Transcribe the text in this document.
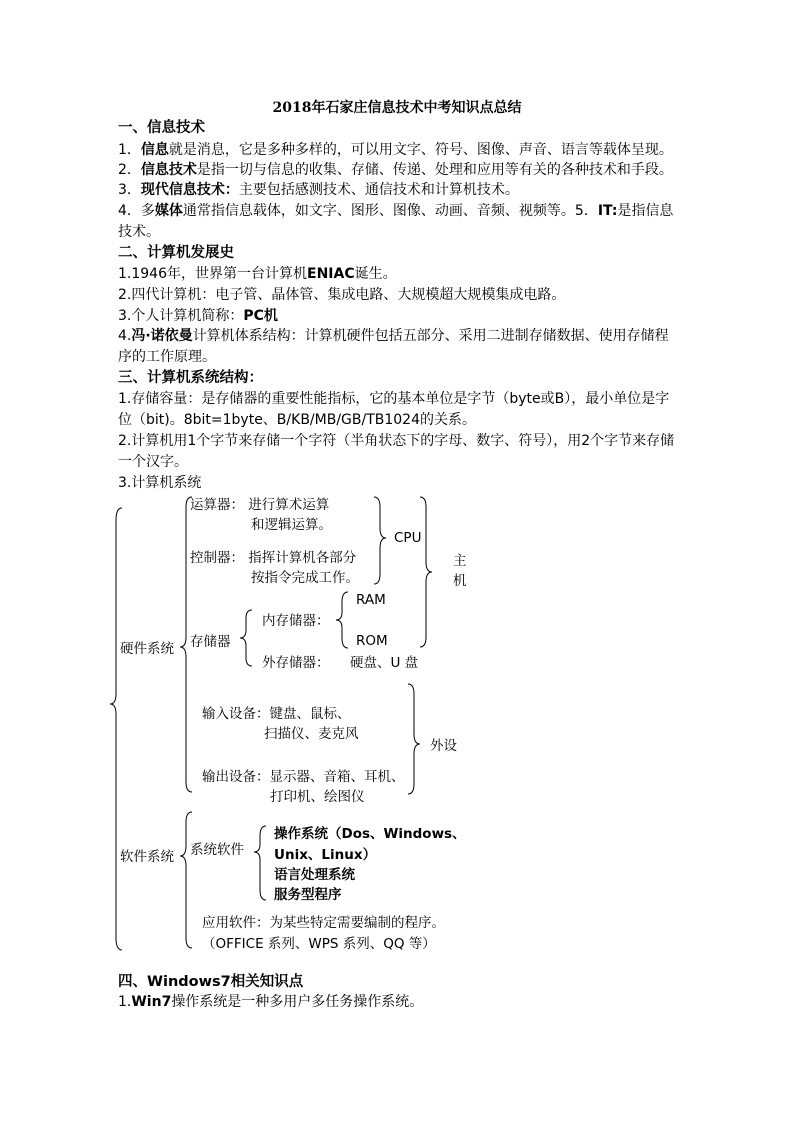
2018年石家庄信息技术中考知识点总结
一、信息技术
1．信息就是消息，它是多种多样的，可以用文字、符号、图像、声音、语言等载体呈现。
2．信息技术是指一切与信息的收集、存储、传递、处理和应用等有关的各种技术和手段。
3．现代信息技术：主要包括感测技术、通信技术和计算机技术。
4．多媒体通常指信息载体，如文字、图形、图像、动画、音频、视频等。5．IT:是指信息技术。
二、计算机发展史
1.1946年，世界第一台计算机ENIAC诞生。
2.四代计算机：电子管、晶体管、集成电路、大规模超大规模集成电路。
3.个人计算机简称：PC机
4.冯·诺依曼计算机体系结构：计算机硬件包括五部分、采用二进制存储数据、使用存储程序的工作原理。
三、计算机系统结构：
1.存储容量：是存储器的重要性能指标，它的基本单位是字节（byte或B），最小单位是字位（bit)。8bit=1byte、B/KB/MB/GB/TB1024的关系。
2.计算机用1个字节来存储一个字符（半角状态下的字母、数字、符号），用2个字节来存储一个汉字。
3.计算机系统
硬件系统
软件系统
运算器： 进行算术运算
和逻辑运算。
控制器： 指挥计算机各部分
按指令完成工作。
CPU
主
机
RAM
存储器
内存储器：
ROM
外存储器： 硬盘、U 盘
输入设备：键盘、鼠标、
扫描仪、麦克风
外设
输出设备：显示器、音箱、耳机、
打印机、绘图仪
系统软件
操作系统（Dos、Windows、
Unix、Linux）
语言处理系统
服务型程序
应用软件：为某些特定需要编制的程序。
（OFFICE 系列、WPS 系列、QQ 等）
四、Windows7相关知识点
1.Win7操作系统是一种多用户多任务操作系统。
